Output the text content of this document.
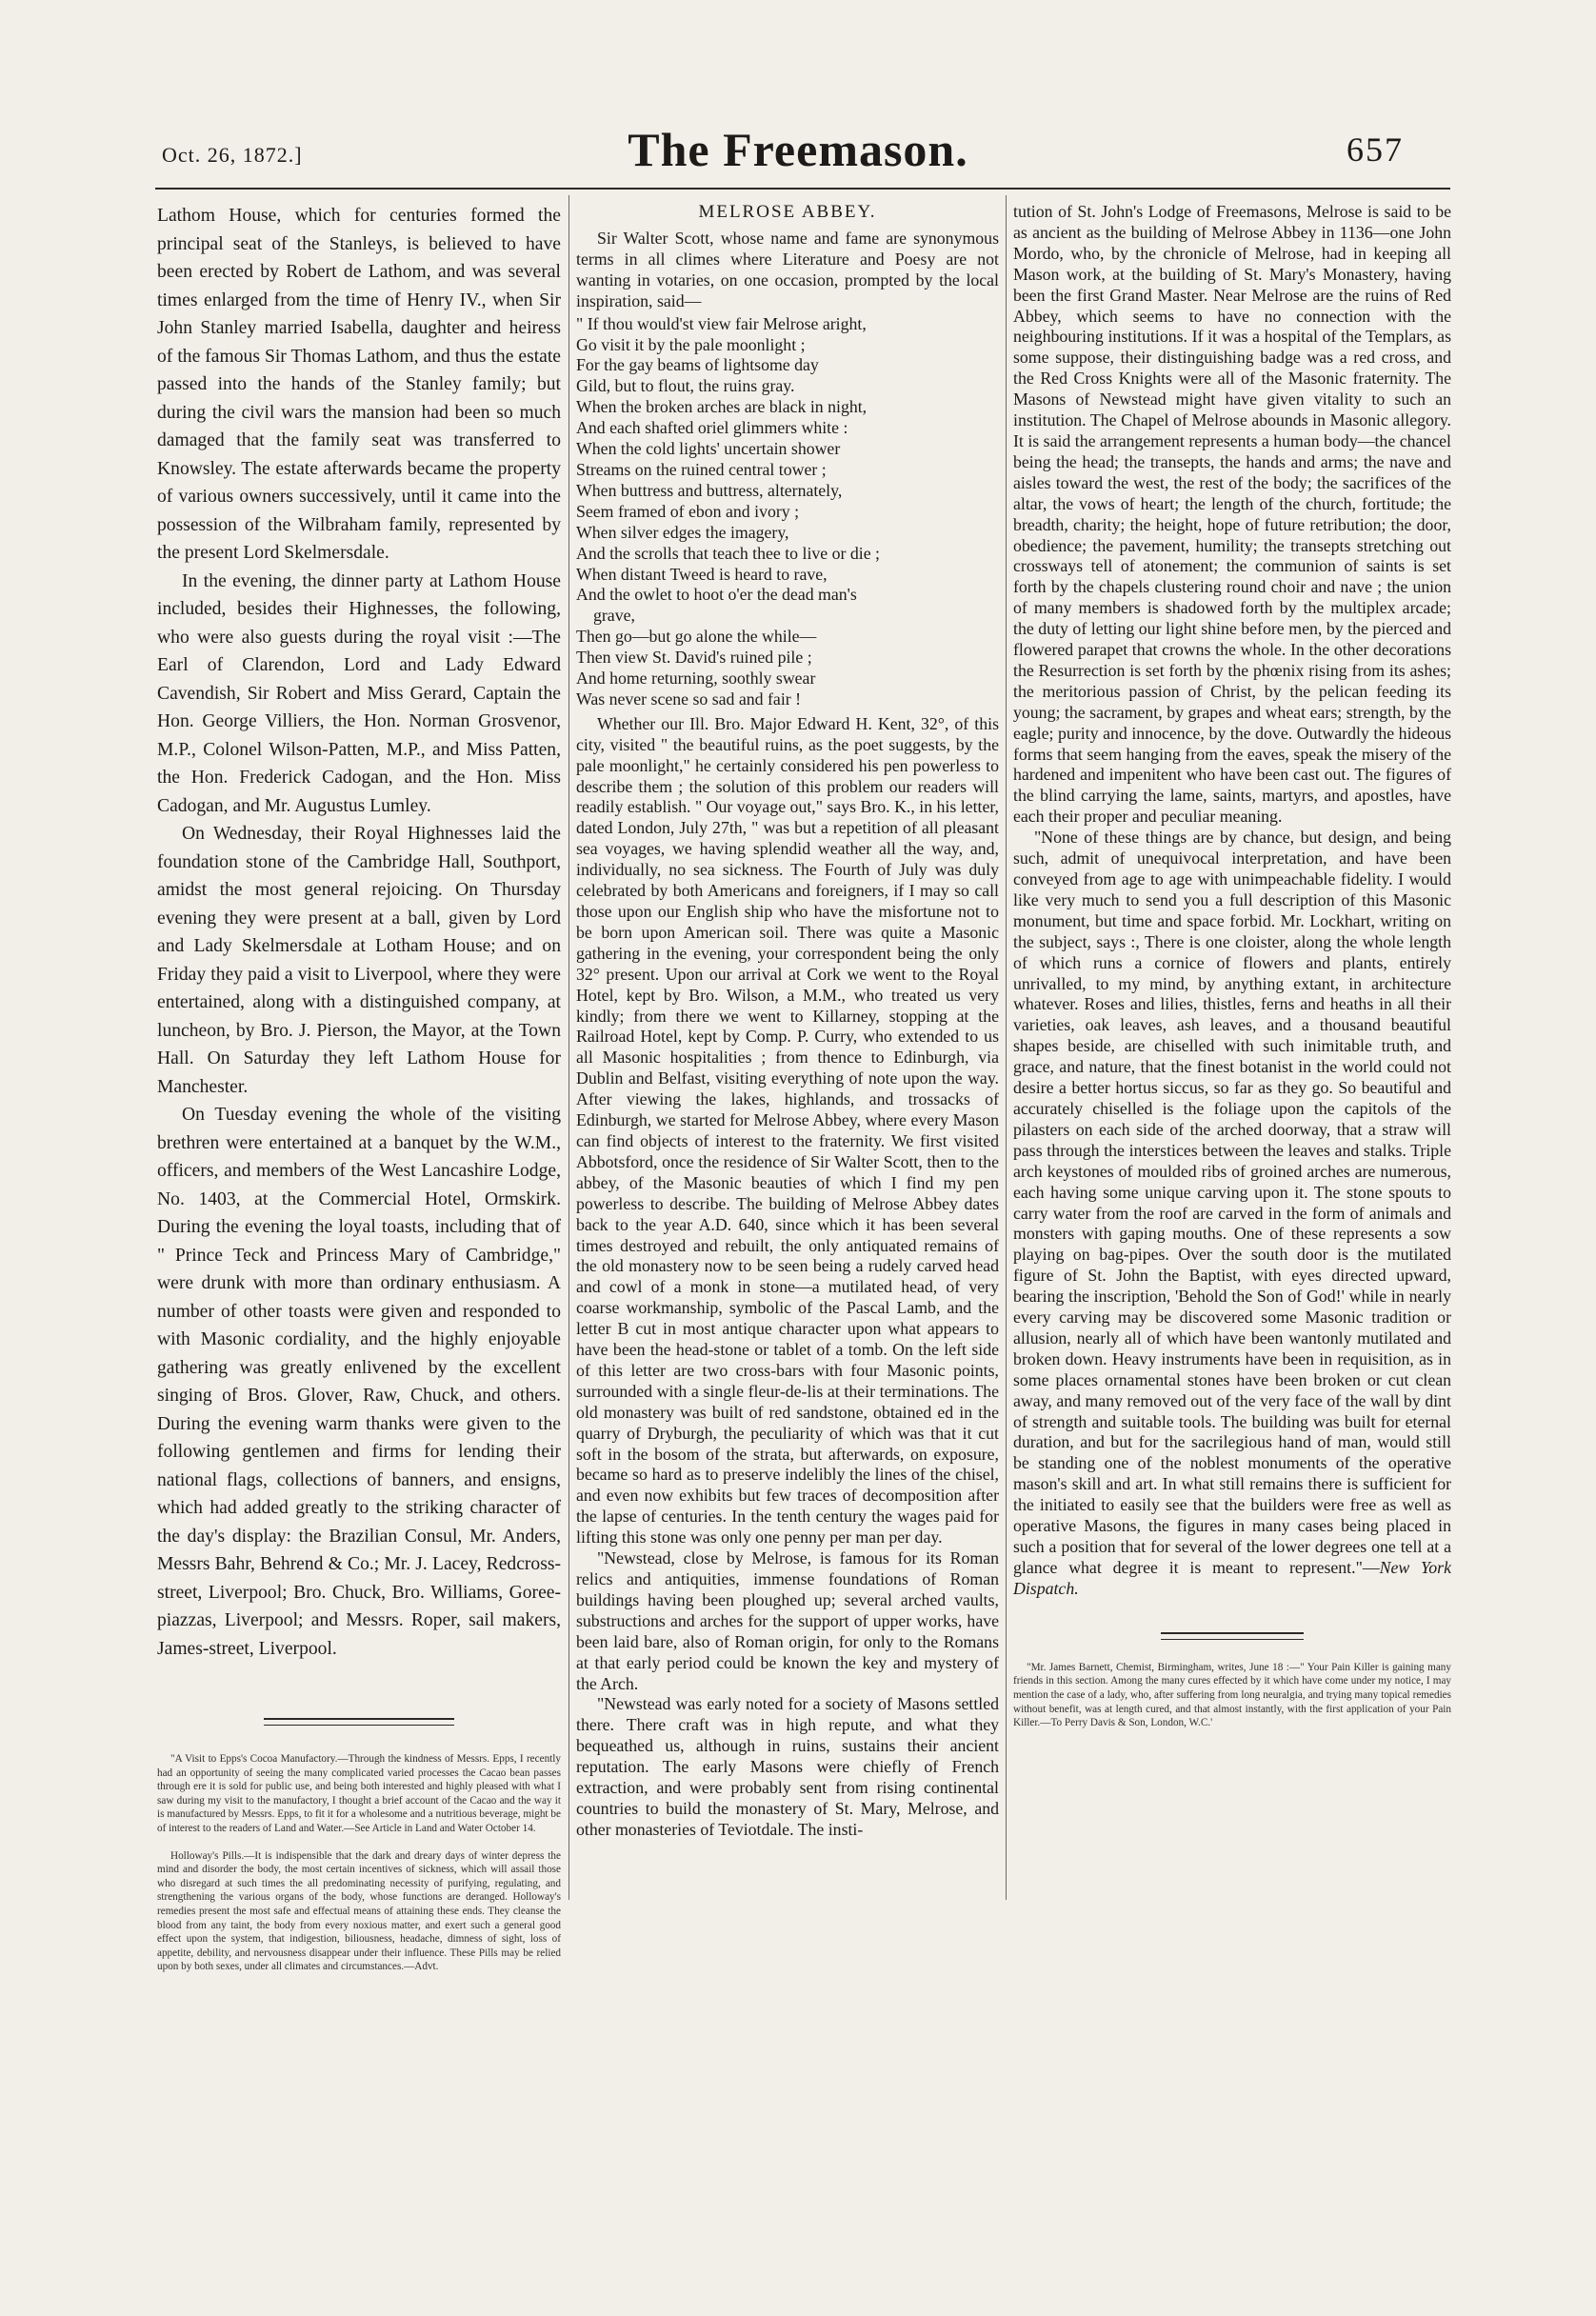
Oct. 26, 1872.]	The Freemason.	657

Lathom House, which for centuries formed the principal seat of the Stanleys, is believed to have been erected by Robert de Lathom, and was several times enlarged from the time of Henry IV., when Sir John Stanley married Isabella, daughter and heiress of the famous Sir Thomas Lathom, and thus the estate passed into the hands of the Stanley family; but during the civil wars the mansion had been so much damaged that the family seat was transferred to Knowsley. The estate afterwards became the property of various owners successively, until it came into the possession of the Wilbraham family, represented by the present Lord Skelmersdale.

In the evening, the dinner party at Lathom House included, besides their Highnesses, the following, who were also guests during the royal visit :—The Earl of Clarendon, Lord and Lady Edward Cavendish, Sir Robert and Miss Gerard, Captain the Hon. George Villiers, the Hon. Norman Grosvenor, M.P., Colonel Wilson-Patten, M.P., and Miss Patten, the Hon. Frederick Cadogan, and the Hon. Miss Cadogan, and Mr. Augustus Lumley.

On Wednesday, their Royal Highnesses laid the foundation stone of the Cambridge Hall, Southport, amidst the most general rejoicing. On Thursday evening they were present at a ball, given by Lord and Lady Skelmersdale at Lotham House; and on Friday they paid a visit to Liverpool, where they were entertained, along with a distinguished company, at luncheon, by Bro. J. Pierson, the Mayor, at the Town Hall. On Saturday they left Lathom House for Manchester.

On Tuesday evening the whole of the visiting brethren were entertained at a banquet by the W.M., officers, and members of the West Lancashire Lodge, No. 1403, at the Commercial Hotel, Ormskirk. During the evening the loyal toasts, including that of " Prince Teck and Princess Mary of Cambridge," were drunk with more than ordinary enthusiasm. A number of other toasts were given and responded to with Masonic cordiality, and the highly enjoyable gathering was greatly enlivened by the excellent singing of Bros. Glover, Raw, Chuck, and others. During the evening warm thanks were given to the following gentlemen and firms for lending their national flags, collections of banners, and ensigns, which had added greatly to the striking character of the day's display: the Brazilian Consul, Mr. Anders, Messrs Bahr, Behrend & Co.; Mr. J. Lacey, Redcross-street, Liverpool; Bro. Chuck, Bro. Williams, Goree-piazzas, Liverpool; and Messrs. Roper, sail makers, James-street, Liverpool.

"A Visit to Epps's Cocoa Manufactory.—Through the kindness of Messrs. Epps, I recently had an opportunity of seeing the many complicated varied processes the Cacao bean passes through ere it is sold for public use, and being both interested and highly pleased with what I saw during my visit to the manufactory, I thought a brief account of the Cacao and the way it is manufactured by Messrs. Epps, to fit it for a wholesome and a nutritious beverage, might be of interest to the readers of Land and Water.—See Article in Land and Water October 14.

Holloway's Pills.—It is indispensible that the dark and dreary days of winter depress the mind and disorder the body, the most certain incentives of sickness, which will assail those who disregard at such times the all predominating necessity of purifying, regulating, and strengthening the various organs of the body, whose functions are deranged. Holloway's remedies present the most safe and effectual means of attaining these ends. They cleanse the blood from any taint, the body from every noxious matter, and exert such a general good effect upon the system, that indigestion, biliousness, headache, dimness of sight, loss of appetite, debility, and nervousness disappear under their influence. These Pills may be relied upon by both sexes, under all climates and circumstances.—Advt.

MELROSE ABBEY.

Sir Walter Scott, whose name and fame are synonymous terms in all climes where Literature and Poesy are not wanting in votaries, on one occasion, prompted by the local inspiration, said—

" If thou would'st view fair Melrose aright,
Go visit it by the pale moonlight ;
For the gay beams of lightsome day
Gild, but to flout, the ruins gray.
When the broken arches are black in night,
And each shafted oriel glimmers white :
When the cold lights' uncertain shower
Streams on the ruined central tower ;
When buttress and buttress, alternately,
Seem framed of ebon and ivory ;
When silver edges the imagery,
And the scrolls that teach thee to live or die ;
When distant Tweed is heard to rave,
And the owlet to hoot o'er the dead man's
grave,
Then go—but go alone the while—
Then view St. David's ruined pile ;
And home returning, soothly swear
Was never scene so sad and fair !

Whether our Ill. Bro. Major Edward H. Kent, 32°, of this city, visited " the beautiful ruins, as the poet suggests, by the pale moonlight," he certainly considered his pen powerless to describe them ; the solution of this problem our readers will readily establish. " Our voyage out," says Bro. K., in his letter, dated London, July 27th, " was but a repetition of all pleasant sea voyages, we having splendid weather all the way, and, individually, no sea sickness. The Fourth of July was duly celebrated by both Americans and foreigners, if I may so call those upon our English ship who have the misfortune not to be born upon American soil. There was quite a Masonic gathering in the evening, your correspondent being the only 32° present. Upon our arrival at Cork we went to the Royal Hotel, kept by Bro. Wilson, a M.M., who treated us very kindly; from there we went to Killarney, stopping at the Railroad Hotel, kept by Comp. P. Curry, who extended to us all Masonic hospitalities ; from thence to Edinburgh, via Dublin and Belfast, visiting everything of note upon the way. After viewing the lakes, highlands, and trossacks of Edinburgh, we started for Melrose Abbey, where every Mason can find objects of interest to the fraternity. We first visited Abbotsford, once the residence of Sir Walter Scott, then to the abbey, of the Masonic beauties of which I find my pen powerless to describe. The building of Melrose Abbey dates back to the year A.D. 640, since which it has been several times destroyed and rebuilt, the only antiquated remains of the old monastery now to be seen being a rudely carved head and cowl of a monk in stone—a mutilated head, of very coarse workmanship, symbolic of the Pascal Lamb, and the letter B cut in most antique character upon what appears to have been the head-stone or tablet of a tomb. On the left side of this letter are two cross-bars with four Masonic points, surrounded with a single fleur-de-lis at their terminations. The old monastery was built of red sandstone, obtained ed in the quarry of Dryburgh, the peculiarity of which was that it cut soft in the bosom of the strata, but afterwards, on exposure, became so hard as to preserve indelibly the lines of the chisel, and even now exhibits but few traces of decomposition after the lapse of centuries. In the tenth century the wages paid for lifting this stone was only one penny per man per day.

"Newstead, close by Melrose, is famous for its Roman relics and antiquities, immense foundations of Roman buildings having been ploughed up; several arched vaults, substructions and arches for the support of upper works, have been laid bare, also of Roman origin, for only to the Romans at that early period could be known the key and mystery of the Arch.

"Newstead was early noted for a society of Masons settled there. There craft was in high repute, and what they bequeathed us, although in ruins, sustains their ancient reputation. The early Masons were chiefly of French extraction, and were probably sent from rising continental countries to build the monastery of St. Mary, Melrose, and other monasteries of Teviotdale. The insti-

tution of St. John's Lodge of Freemasons, Melrose is said to be as ancient as the building of Melrose Abbey in 1136—one John Mordo, who, by the chronicle of Melrose, had in keeping all Mason work, at the building of St. Mary's Monastery, having been the first Grand Master. Near Melrose are the ruins of Red Abbey, which seems to have no connection with the neighbouring institutions. If it was a hospital of the Templars, as some suppose, their distinguishing badge was a red cross, and the Red Cross Knights were all of the Masonic fraternity. The Masons of Newstead might have given vitality to such an institution. The Chapel of Melrose abounds in Masonic allegory. It is said the arrangement represents a human body—the chancel being the head; the transepts, the hands and arms; the nave and aisles toward the west, the rest of the body; the sacrifices of the altar, the vows of heart; the length of the church, fortitude; the breadth, charity; the height, hope of future retribution; the door, obedience; the pavement, humility; the transepts stretching out crossways tell of atonement; the communion of saints is set forth by the chapels clustering round choir and nave ; the union of many members is shadowed forth by the multiplex arcade; the duty of letting our light shine before men, by the pierced and flowered parapet that crowns the whole. In the other decorations the Resurrection is set forth by the phœnix rising from its ashes; the meritorious passion of Christ, by the pelican feeding its young; the sacrament, by grapes and wheat ears; strength, by the eagle; purity and innocence, by the dove. Outwardly the hideous forms that seem hanging from the eaves, speak the misery of the hardened and impenitent who have been cast out. The figures of the blind carrying the lame, saints, martyrs, and apostles, have each their proper and peculiar meaning.

"None of these things are by chance, but design, and being such, admit of unequivocal interpretation, and have been conveyed from age to age with unimpeachable fidelity. I would like very much to send you a full description of this Masonic monument, but time and space forbid. Mr. Lockhart, writing on the subject, says :, There is one cloister, along the whole length of which runs a cornice of flowers and plants, entirely unrivalled, to my mind, by anything extant, in architecture whatever. Roses and lilies, thistles, ferns and heaths in all their varieties, oak leaves, ash leaves, and a thousand beautiful shapes beside, are chiselled with such inimitable truth, and grace, and nature, that the finest botanist in the world could not desire a better hortus siccus, so far as they go. So beautiful and accurately chiselled is the foliage upon the capitols of the pilasters on each side of the arched doorway, that a straw will pass through the interstices between the leaves and stalks. Triple arch keystones of moulded ribs of groined arches are numerous, each having some unique carving upon it. The stone spouts to carry water from the roof are carved in the form of animals and monsters with gaping mouths. One of these represents a sow playing on bag-pipes. Over the south door is the mutilated figure of St. John the Baptist, with eyes directed upward, bearing the inscription, 'Behold the Son of God!' while in nearly every carving may be discovered some Masonic tradition or allusion, nearly all of which have been wantonly mutilated and broken down. Heavy instruments have been in requisition, as in some places ornamental stones have been broken or cut clean away, and many removed out of the very face of the wall by dint of strength and suitable tools. The building was built for eternal duration, and but for the sacrilegious hand of man, would still be standing one of the noblest monuments of the operative mason's skill and art. In what still remains there is sufficient for the initiated to easily see that the builders were free as well as operative Masons, the figures in many cases being placed in such a position that for several of the lower degrees one tell at a glance what degree it is meant to represent."—New York Dispatch.

"Mr. James Barnett, Chemist, Birmingham, writes, June 18 :—" Your Pain Killer is gaining many friends in this section. Among the many cures effected by it which have come under my notice, I may mention the case of a lady, who, after suffering from long neuralgia, and trying many topical remedies without benefit, was at length cured, and that almost instantly, with the first application of your Pain Killer.—To Perry Davis & Son, London, W.C.'
